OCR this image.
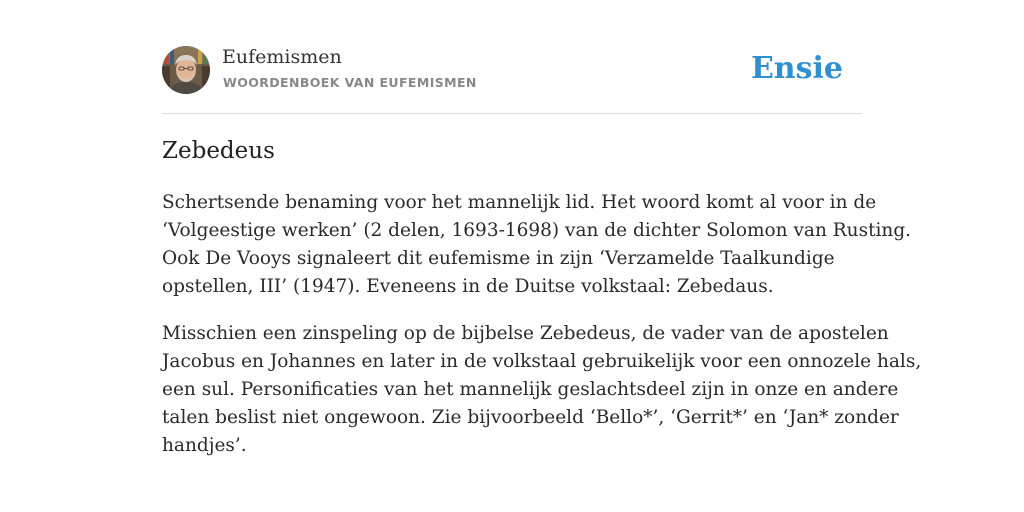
Eufemismen
WOORDENBOEK VAN EUFEMISMEN	Ensie
Zebedeus

Schertsende benaming voor het mannelijk lid. Het woord komt al voor in de
‘Volgeestige werken’ (2 delen, 1693-1698) van de dichter Solomon van Rusting.
Ook De Vooys signaleert dit eufemisme in zijn ‘Verzamelde Taalkundige
opstellen, III’ (1947). Eveneens in de Duitse volkstaal: Zebedaus.

Misschien een zinspeling op de bijbelse Zebedeus, de vader van de apostelen
Jacobus en Johannes en later in de volkstaal gebruikelijk voor een onnozele hals,
een sul. Personificaties van het mannelijk geslachtsdeel zijn in onze en andere
talen beslist niet ongewoon. Zie bijvoorbeeld ‘Bello*’, ‘Gerrit*’ en ‘Jan* zonder
handjes’.
